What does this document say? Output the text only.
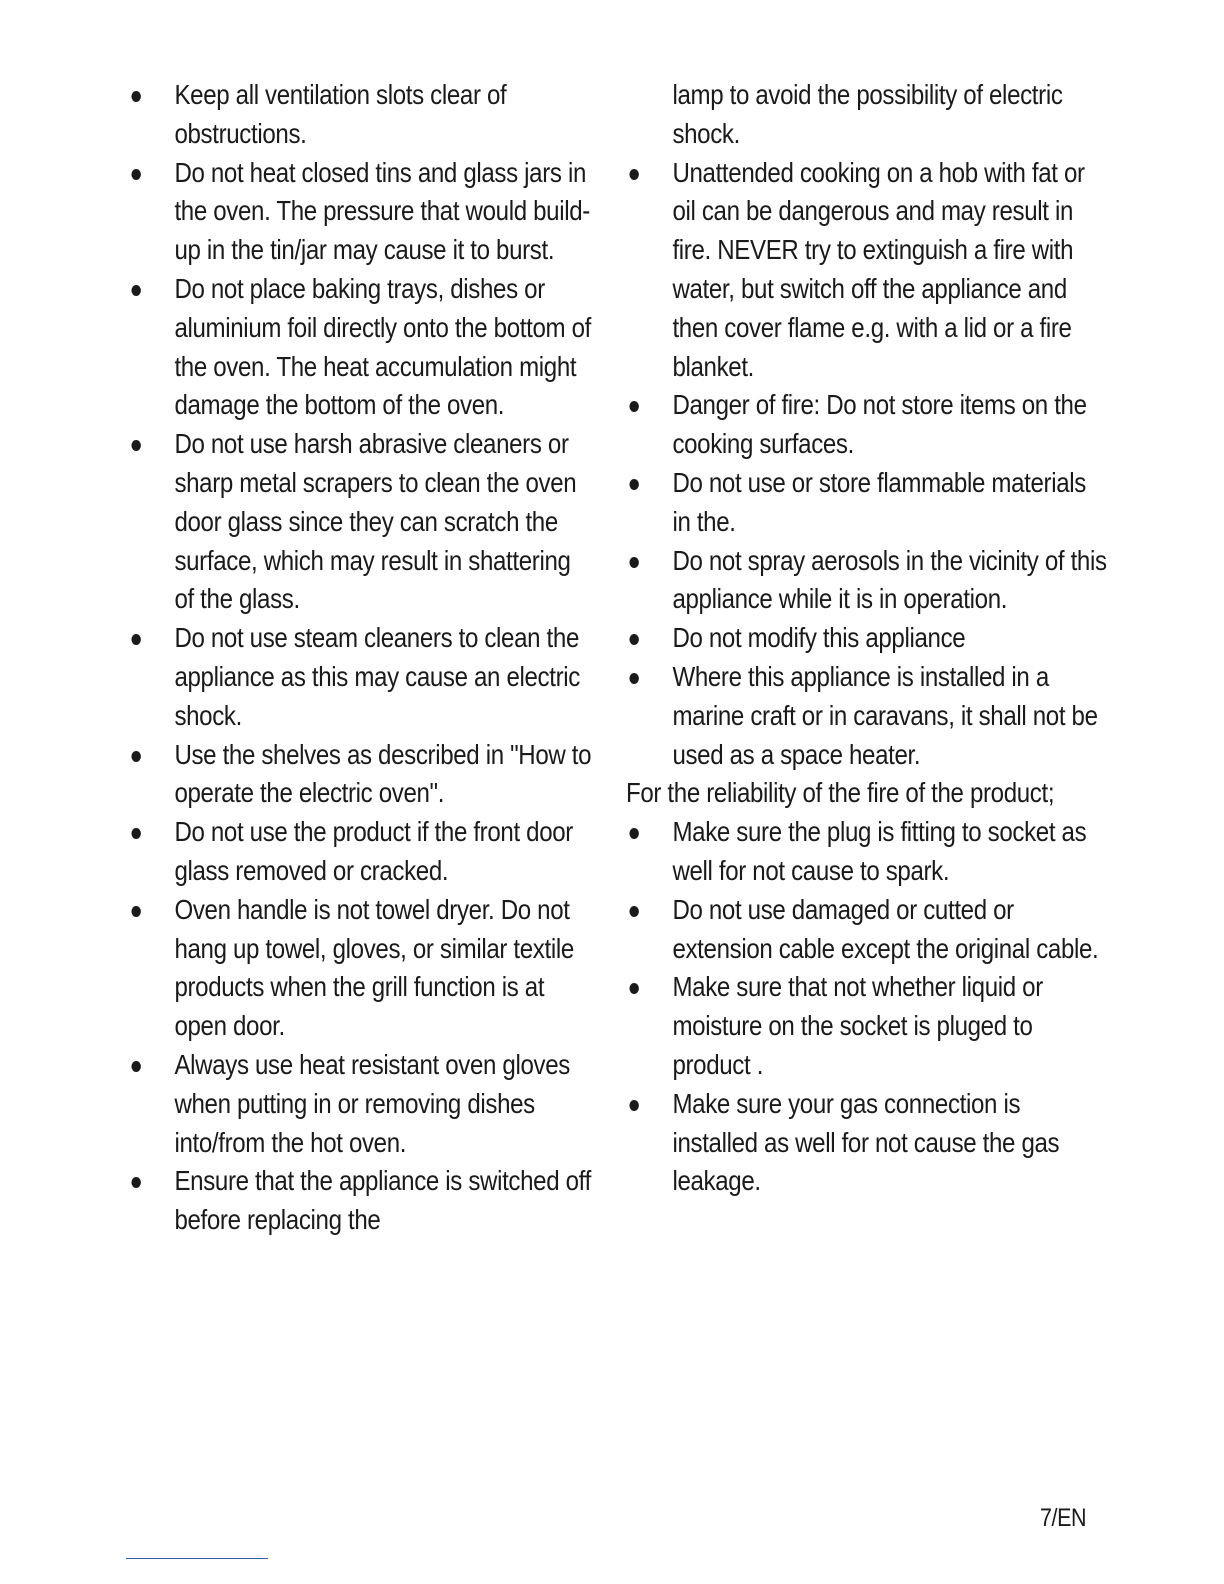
Keep all ventilation slots clear of obstructions.
Do not heat closed tins and glass jars in the oven. The pressure that would build-up in the tin/jar may cause it to burst.
Do not place baking trays, dishes or aluminium foil directly onto the bottom of the oven. The heat accumulation might damage the bottom of the oven.
Do not use harsh abrasive cleaners or sharp metal scrapers to clean the oven door glass since they can scratch the surface, which may result in shattering of the glass.
Do not use steam cleaners to clean the appliance as this may cause an electric shock.
Use the shelves as described in "How to operate the electric oven".
Do not use the product if the front door glass removed or cracked.
Oven handle is not towel dryer. Do not hang up towel, gloves, or similar textile products when the grill function is at open door.
Always use heat resistant oven gloves when putting in or removing dishes into/from the hot oven.
Ensure that the appliance is switched off before replacing the
lamp to avoid the possibility of electric shock.
Unattended cooking on a hob with fat or oil can be dangerous and may result in fire. NEVER try to extinguish a fire with water, but switch off the appliance and then cover flame e.g. with a lid or a fire blanket.
Danger of fire: Do not store items on the cooking surfaces.
Do not use or store flammable materials in the.
Do not spray aerosols in the vicinity of this appliance while it is in operation.
Do not modify this appliance
Where this appliance is installed in a marine craft or in caravans, it shall not be used as a space heater.

For the reliability of the fire of the product;

Make sure the plug is fitting to socket as well for not cause to spark.
Do not use damaged or cutted or extension cable except the original cable.
Make sure that not whether liquid or moisture on the socket is pluged to product .
Make sure your gas connection is installed as well for not cause the gas leakage.
7/EN
